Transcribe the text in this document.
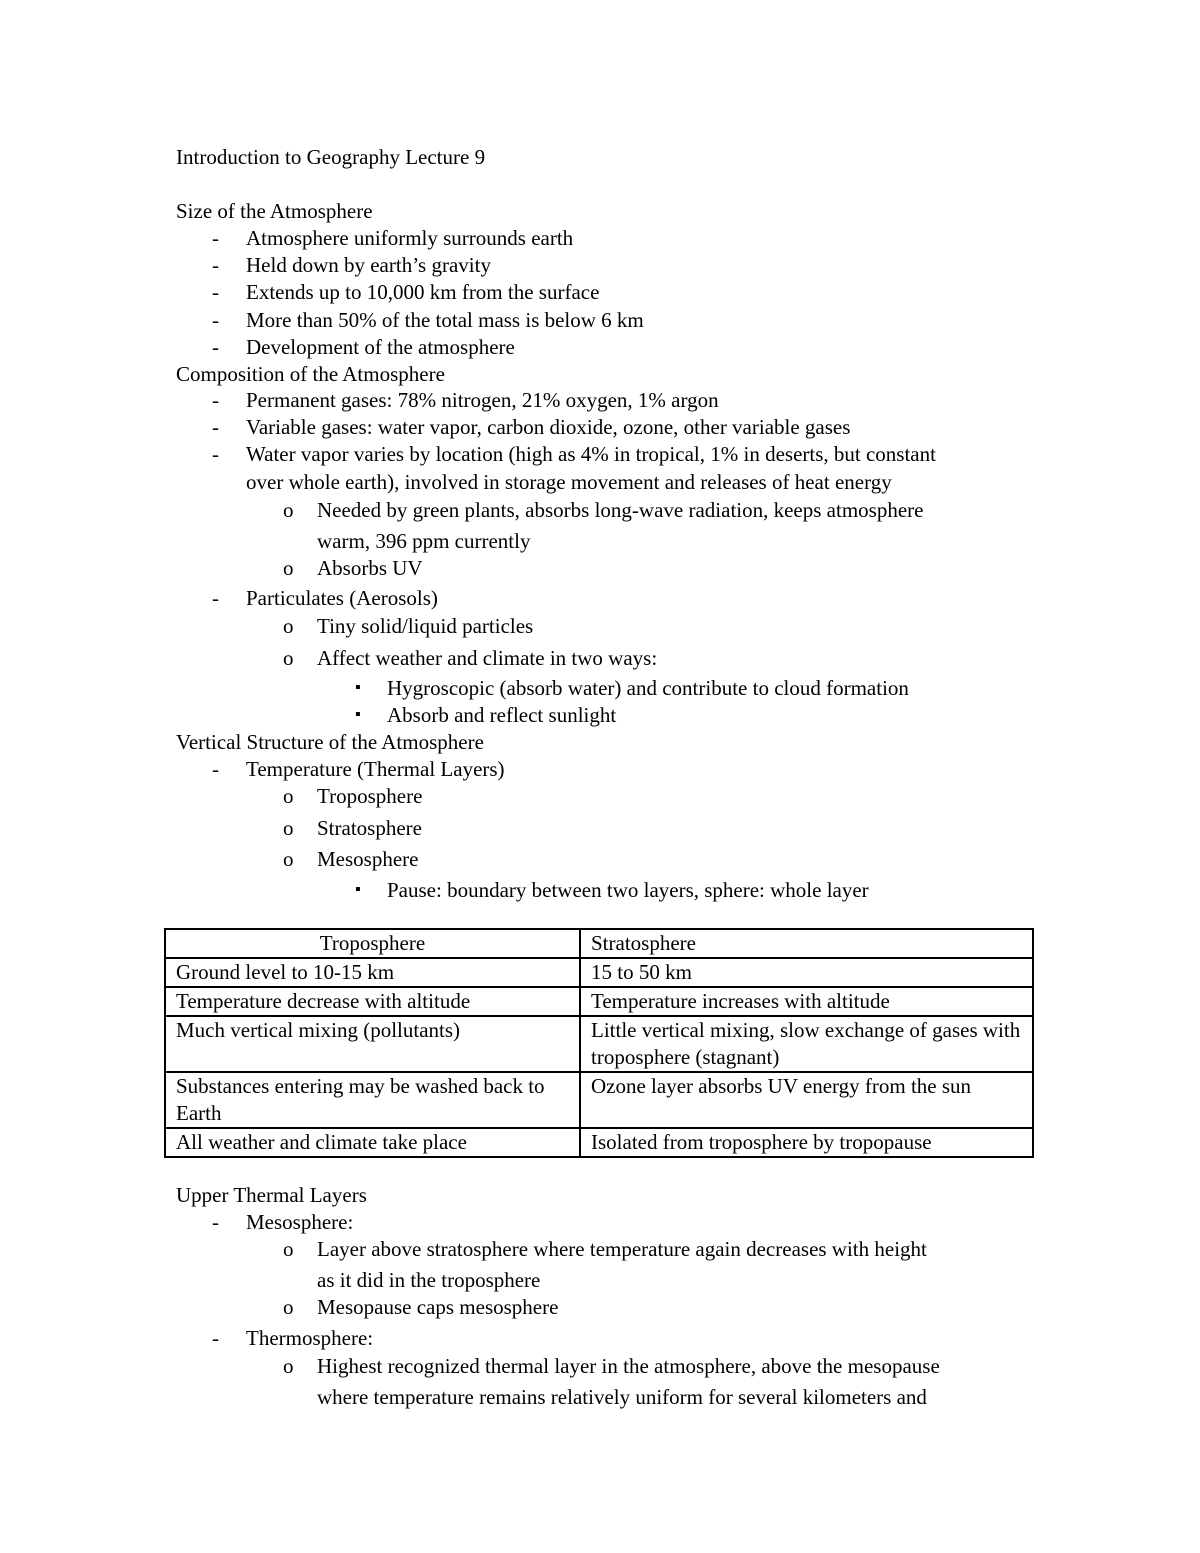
Introduction to Geography Lecture 9
Size of the Atmosphere
- Atmosphere uniformly surrounds earth
- Held down by earth’s gravity
- Extends up to 10,000 km from the surface
- More than 50% of the total mass is below 6 km
- Development of the atmosphere
Composition of the Atmosphere
- Permanent gases: 78% nitrogen, 21% oxygen, 1% argon
- Variable gases: water vapor, carbon dioxide, ozone, other variable gases
- Water vapor varies by location (high as 4% in tropical, 1% in deserts, but constant
over whole earth), involved in storage movement and releases of heat energy
o Needed by green plants, absorbs long-wave radiation, keeps atmosphere
warm, 396 ppm currently
o Absorbs UV
- Particulates (Aerosols)
o Tiny solid/liquid particles
o Affect weather and climate in two ways:
▪ Hygroscopic (absorb water) and contribute to cloud formation
▪ Absorb and reflect sunlight
Vertical Structure of the Atmosphere
- Temperature (Thermal Layers)
o Troposphere
o Stratosphere
o Mesosphere
▪ Pause: boundary between two layers, sphere: whole layer
Troposphere	Stratosphere
Ground level to 10-15 km	15 to 50 km
Temperature decrease with altitude	Temperature increases with altitude
Much vertical mixing (pollutants)	Little vertical mixing, slow exchange of gases with troposphere (stagnant)
Substances entering may be washed back to Earth	Ozone layer absorbs UV energy from the sun
All weather and climate take place	Isolated from troposphere by tropopause
Upper Thermal Layers
- Mesosphere:
o Layer above stratosphere where temperature again decreases with height
as it did in the troposphere
o Mesopause caps mesosphere
- Thermosphere:
o Highest recognized thermal layer in the atmosphere, above the mesopause
where temperature remains relatively uniform for several kilometers and
